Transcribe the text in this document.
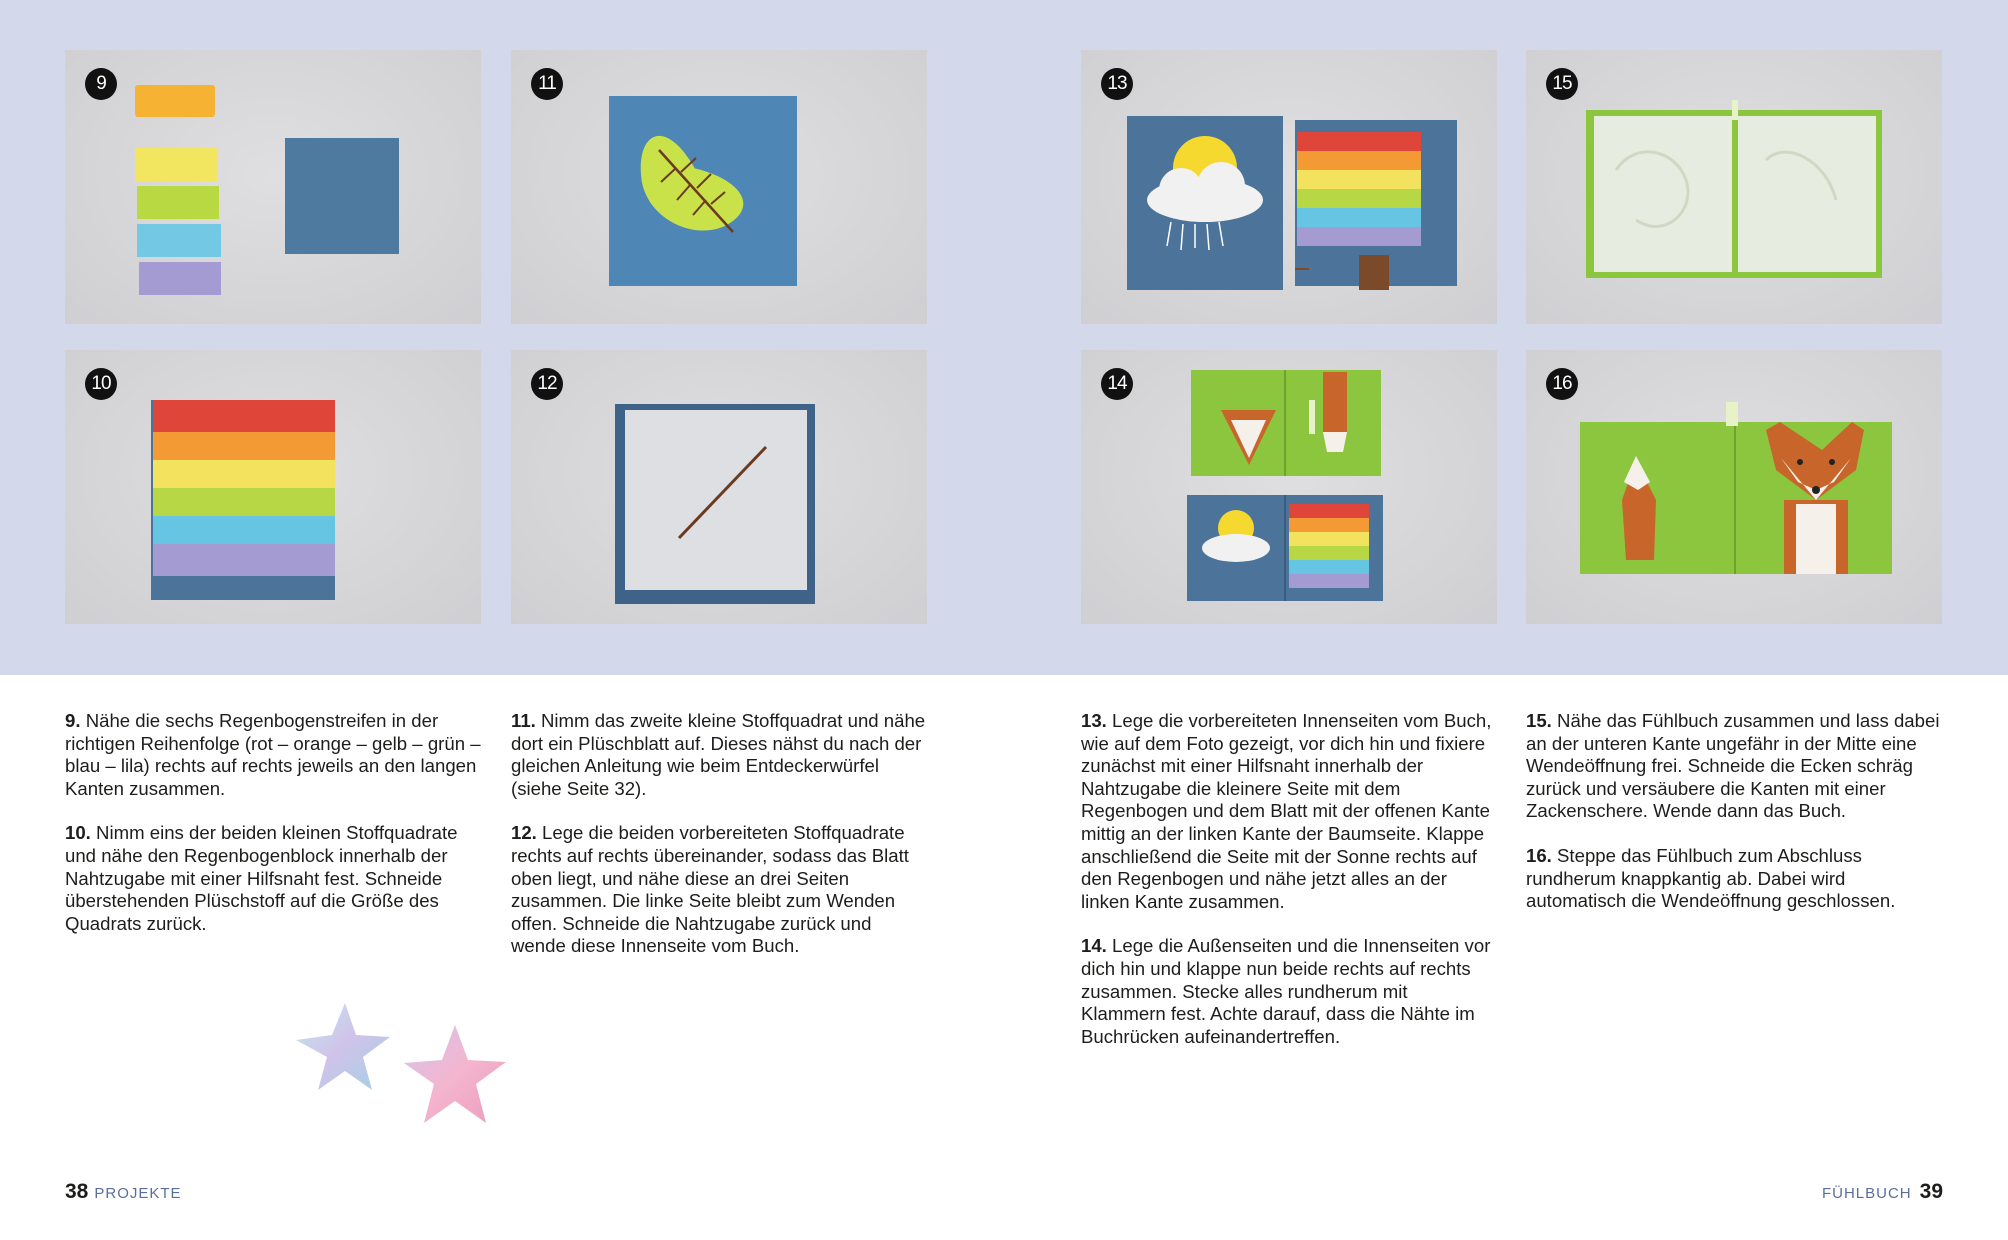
9	11	13	15
10	12	14	16

9. Nähe die sechs Regenbogenstreifen in der richtigen Reihenfolge (rot – orange – gelb – grün – blau – lila) rechts auf rechts jeweils an den langen Kanten zusammen.

10. Nimm eins der beiden kleinen Stoffquadrate und nähe den Regenbogenblock innerhalb der Nahtzugabe mit einer Hilfsnaht fest. Schneide überstehenden Plüschstoff auf die Größe des Quadrats zurück.

11. Nimm das zweite kleine Stoffquadrat und nähe dort ein Plüschblatt auf. Dieses nähst du nach der gleichen Anleitung wie beim Entdeckerwürfel (siehe Seite 32).

12. Lege die beiden vorbereiteten Stoffquadrate rechts auf rechts übereinander, sodass das Blatt oben liegt, und nähe diese an drei Seiten zusammen. Die linke Seite bleibt zum Wenden offen. Schneide die Nahtzugabe zurück und wende diese Innenseite vom Buch.

13. Lege die vorbereiteten Innenseiten vom Buch, wie auf dem Foto gezeigt, vor dich hin und fixiere zunächst mit einer Hilfsnaht innerhalb der Nahtzugabe die kleinere Seite mit dem Regenbogen und dem Blatt mit der offenen Kante mittig an der linken Kante der Baumseite. Klappe anschließend die Seite mit der Sonne rechts auf den Regenbogen und nähe jetzt alles an der linken Kante zusammen.

14. Lege die Außenseiten und die Innenseiten vor dich hin und klappe nun beide rechts auf rechts zusammen. Stecke alles rundherum mit Klammern fest. Achte darauf, dass die Nähte im Buchrücken aufeinandertreffen.

15. Nähe das Fühlbuch zusammen und lass dabei an der unteren Kante ungefähr in der Mitte eine Wendeöffnung frei. Schneide die Ecken schräg zurück und versäubere die Kanten mit einer Zackenschere. Wende dann das Buch.

16. Steppe das Fühlbuch zum Abschluss rundherum knappkantig ab. Dabei wird automatisch die Wendeöffnung geschlossen.

38 PROJEKTE	FÜHLBUCH 39
